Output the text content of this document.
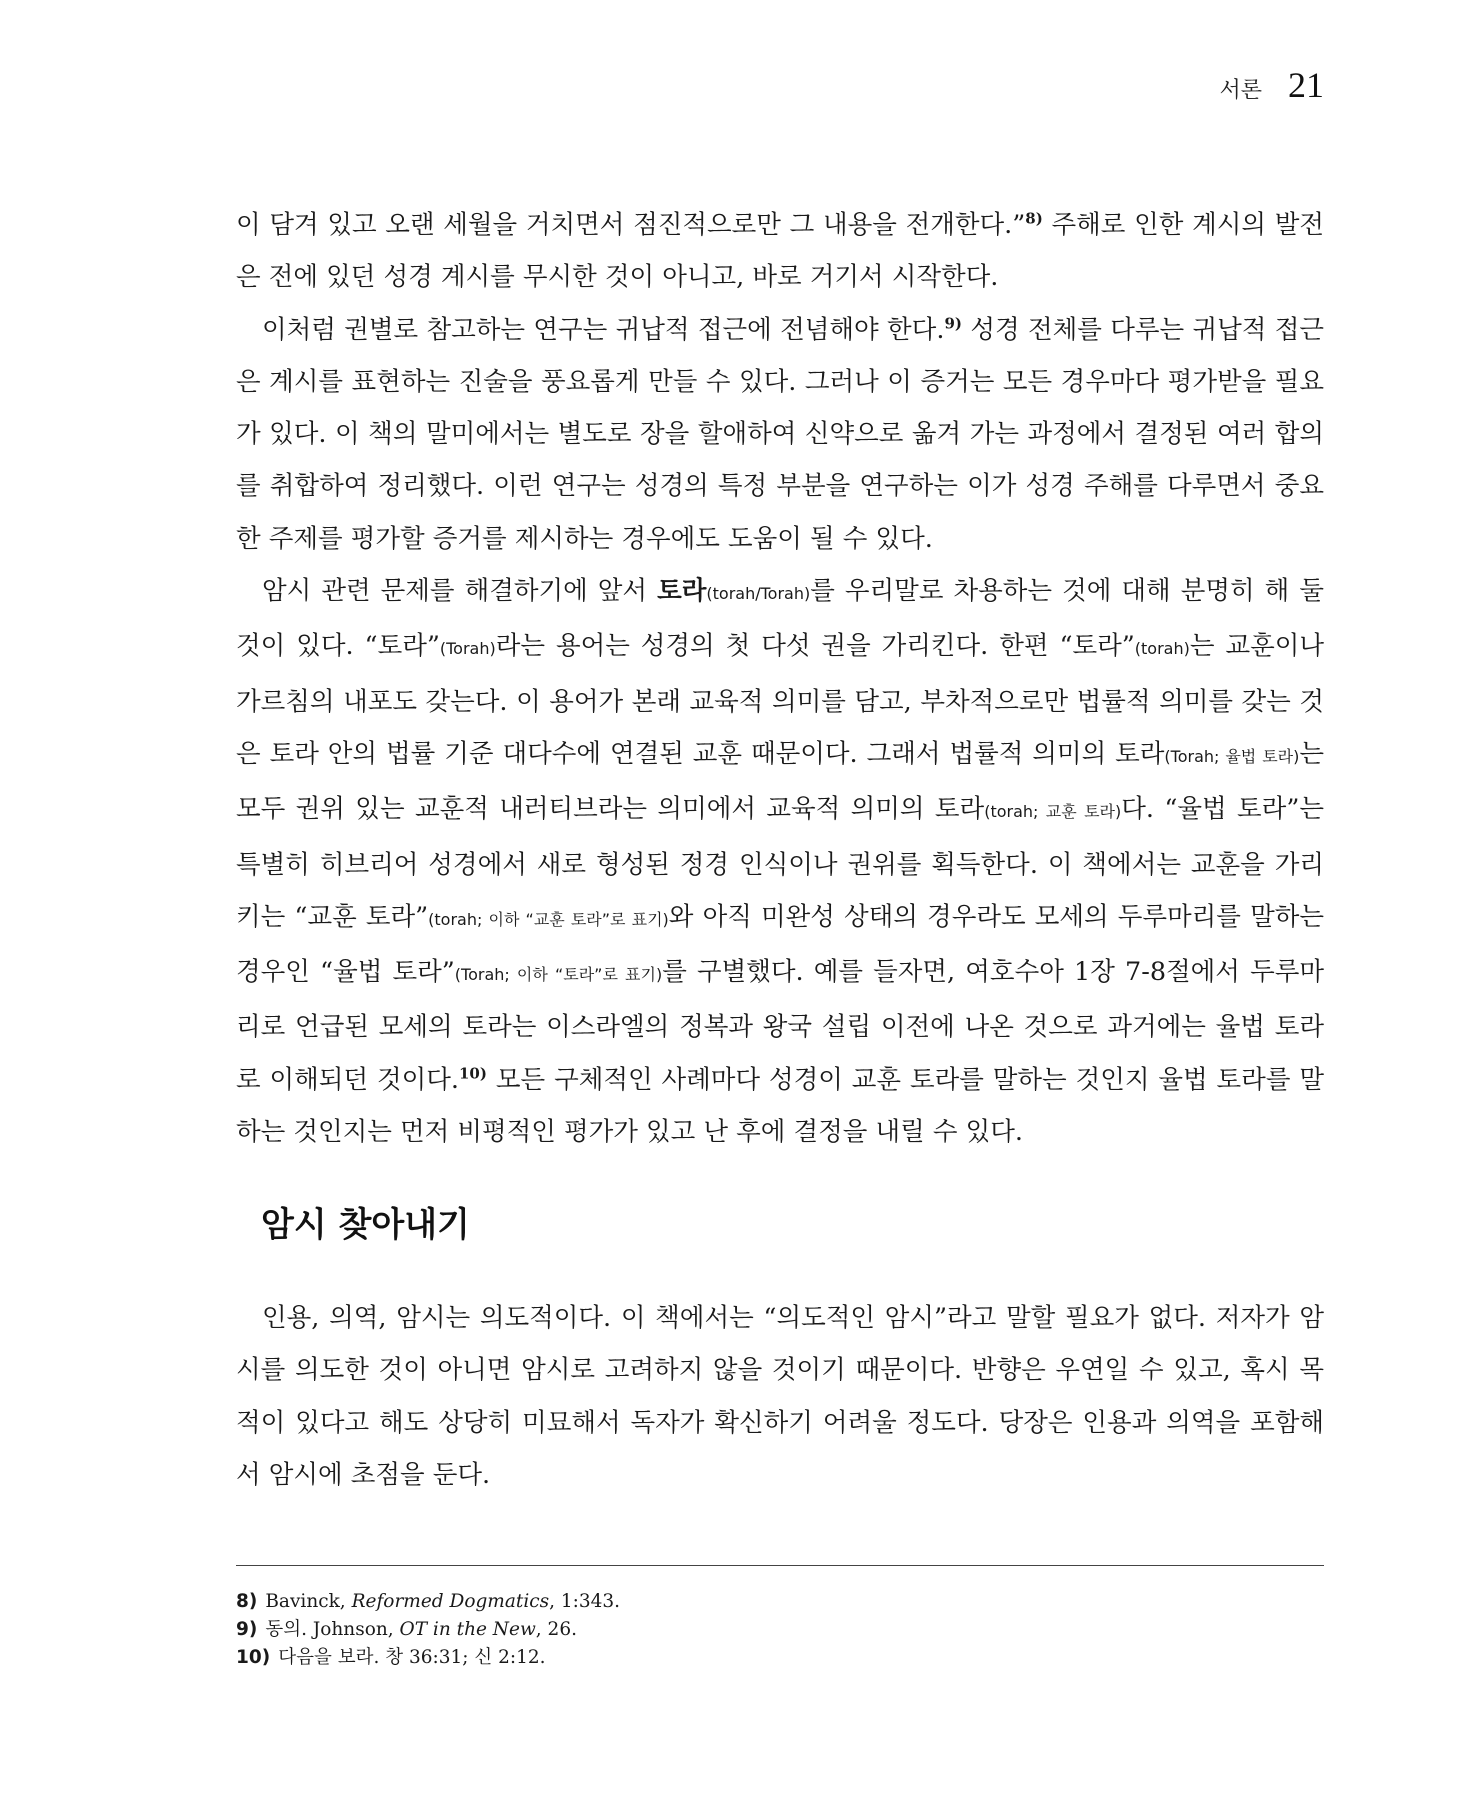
서론 21

이 담겨 있고 오랜 세월을 거치면서 점진적으로만 그 내용을 전개한다.”$^{8)}$ 주해로 인한 계시의 발전은 전에 있던 성경 계시를 무시한 것이 아니고, 바로 거기서 시작한다.

이처럼 권별로 참고하는 연구는 귀납적 접근에 전념해야 한다.$^{9)}$ 성경 전체를 다루는 귀납적 접근은 계시를 표현하는 진술을 풍요롭게 만들 수 있다. 그러나 이 증거는 모든 경우마다 평가받을 필요가 있다. 이 책의 말미에서는 별도로 장을 할애하여 신약으로 옮겨 가는 과정에서 결정된 여러 합의를 취합하여 정리했다. 이런 연구는 성경의 특정 부분을 연구하는 이가 성경 주해를 다루면서 중요한 주제를 평가할 증거를 제시하는 경우에도 도움이 될 수 있다.

암시 관련 문제를 해결하기에 앞서 토라(torah/Torah)를 우리말로 차용하는 것에 대해 분명히 해 둘 것이 있다. “토라”(Torah)라는 용어는 성경의 첫 다섯 권을 가리킨다. 한편 “토라”(torah)는 교훈이나 가르침의 내포도 갖는다. 이 용어가 본래 교육적 의미를 담고, 부차적으로만 법률적 의미를 갖는 것은 토라 안의 법률 기준 대다수에 연결된 교훈 때문이다. 그래서 법률적 의미의 토라(Torah; 율법 토라)는 모두 권위 있는 교훈적 내러티브라는 의미에서 교육적 의미의 토라(torah; 교훈 토라)다. “율법 토라”는 특별히 히브리어 성경에서 새로 형성된 정경 인식이나 권위를 획득한다. 이 책에서는 교훈을 가리키는 “교훈 토라”(torah; 이하 “교훈 토라”로 표기)와 아직 미완성 상태의 경우라도 모세의 두루마리를 말하는 경우인 “율법 토라”(Torah; 이하 “토라”로 표기)를 구별했다. 예를 들자면, 여호수아 1장 7-8절에서 두루마리로 언급된 모세의 토라는 이스라엘의 정복과 왕국 설립 이전에 나온 것으로 과거에는 율법 토라로 이해되던 것이다.$^{10)}$ 모든 구체적인 사례마다 성경이 교훈 토라를 말하는 것인지 율법 토라를 말하는 것인지는 먼저 비평적인 평가가 있고 난 후에 결정을 내릴 수 있다.

암시 찾아내기

인용, 의역, 암시는 의도적이다. 이 책에서는 “의도적인 암시”라고 말할 필요가 없다. 저자가 암시를 의도한 것이 아니면 암시로 고려하지 않을 것이기 때문이다. 반향은 우연일 수 있고, 혹시 목적이 있다고 해도 상당히 미묘해서 독자가 확신하기 어려울 정도다. 당장은 인용과 의역을 포함해서 암시에 초점을 둔다.

8) Bavinck, Reformed Dogmatics, 1:343.
9) 동의. Johnson, OT in the New, 26.
10) 다음을 보라. 창 36:31; 신 2:12.
